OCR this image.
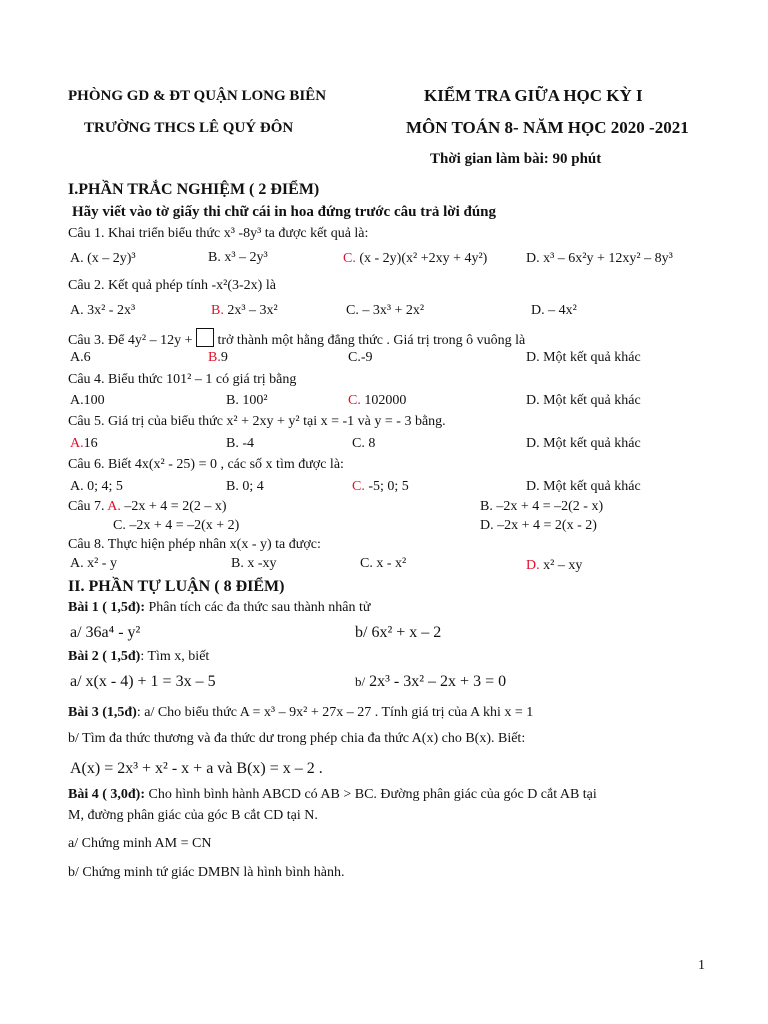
PHÒNG GD & ĐT QUẬN LONG BIÊN
TRƯỜNG THCS LÊ QUÝ ĐÔN
KIỂM TRA GIỮA HỌC KỲ I
MÔN TOÁN 8- NĂM HỌC 2020 -2021
Thời gian làm bài: 90 phút
I.PHẦN TRẮC NGHIỆM ( 2 ĐIỂM)
Hãy viết vào tờ giấy thi chữ cái in hoa đứng trước câu trả lời đúng
Câu 1. Khai triển biểu thức x³ -8y³ ta được kết quả là:
A. (x – 2y)³	B. x³ – 2y³	C. (x - 2y)(x² +2xy + 4y²)	D. x³ – 6x²y + 12xy² – 8y³
Câu 2. Kết quả phép tính -x²(3-2x) là
A. 3x² - 2x³	B. 2x³ – 3x²	C. – 3x³ + 2x²	D. – 4x²
Câu 3. Để 4y² – 12y +  trở thành một hằng đẳng thức . Giá trị trong ô vuông là
A.6	B.9	C.-9	D. Một kết quả khác
Câu 4. Biểu thức 101² – 1 có giá trị bằng
A.100	B. 100²	C. 102000	D. Một kết quả khác
Câu 5. Giá trị của biểu thức x² + 2xy + y² tại x = -1 và y = - 3 bằng.
A.16	B. -4	C. 8	D. Một kết quả khác
Câu 6. Biết 4x(x² - 25) = 0 , các số x tìm được là:
A. 0; 4; 5	B. 0; 4	C. -5; 0; 5	D. Một kết quả khác
Câu 7. A. –2x + 4 = 2(2 – x)	B. –2x + 4 = –2(2 - x)
C. –2x + 4 = –2(x + 2)	D. –2x + 4 = 2(x - 2)
Câu 8. Thực hiện phép nhân x(x - y) ta được:
A. x² - y	B. x -xy	C. x - x²	D. x² – xy
II. PHẦN TỰ LUẬN ( 8 ĐIỂM)
Bài 1 ( 1,5đ): Phân tích các đa thức sau thành nhân tử
a/ 36a⁴ - y²	b/ 6x² + x – 2
Bài 2 ( 1,5đ): Tìm x, biết
a/ x(x - 4) + 1 = 3x – 5	b/ 2x³ - 3x² – 2x + 3 = 0
Bài 3 (1,5đ): a/ Cho biểu thức A = x³ – 9x² + 27x – 27 . Tính giá trị của A khi x = 1
b/ Tìm đa thức thương và đa thức dư trong phép chia đa thức A(x) cho B(x). Biết:
A(x) = 2x³ + x² - x + a và B(x) = x – 2 .
Bài 4 ( 3,0đ): Cho hình bình hành ABCD có AB > BC. Đường phân giác của góc D cắt AB tại
M, đường phân giác của góc B cắt CD tại N.
a/ Chứng minh AM = CN
b/ Chứng minh tứ giác DMBN là hình bình hành.
1
